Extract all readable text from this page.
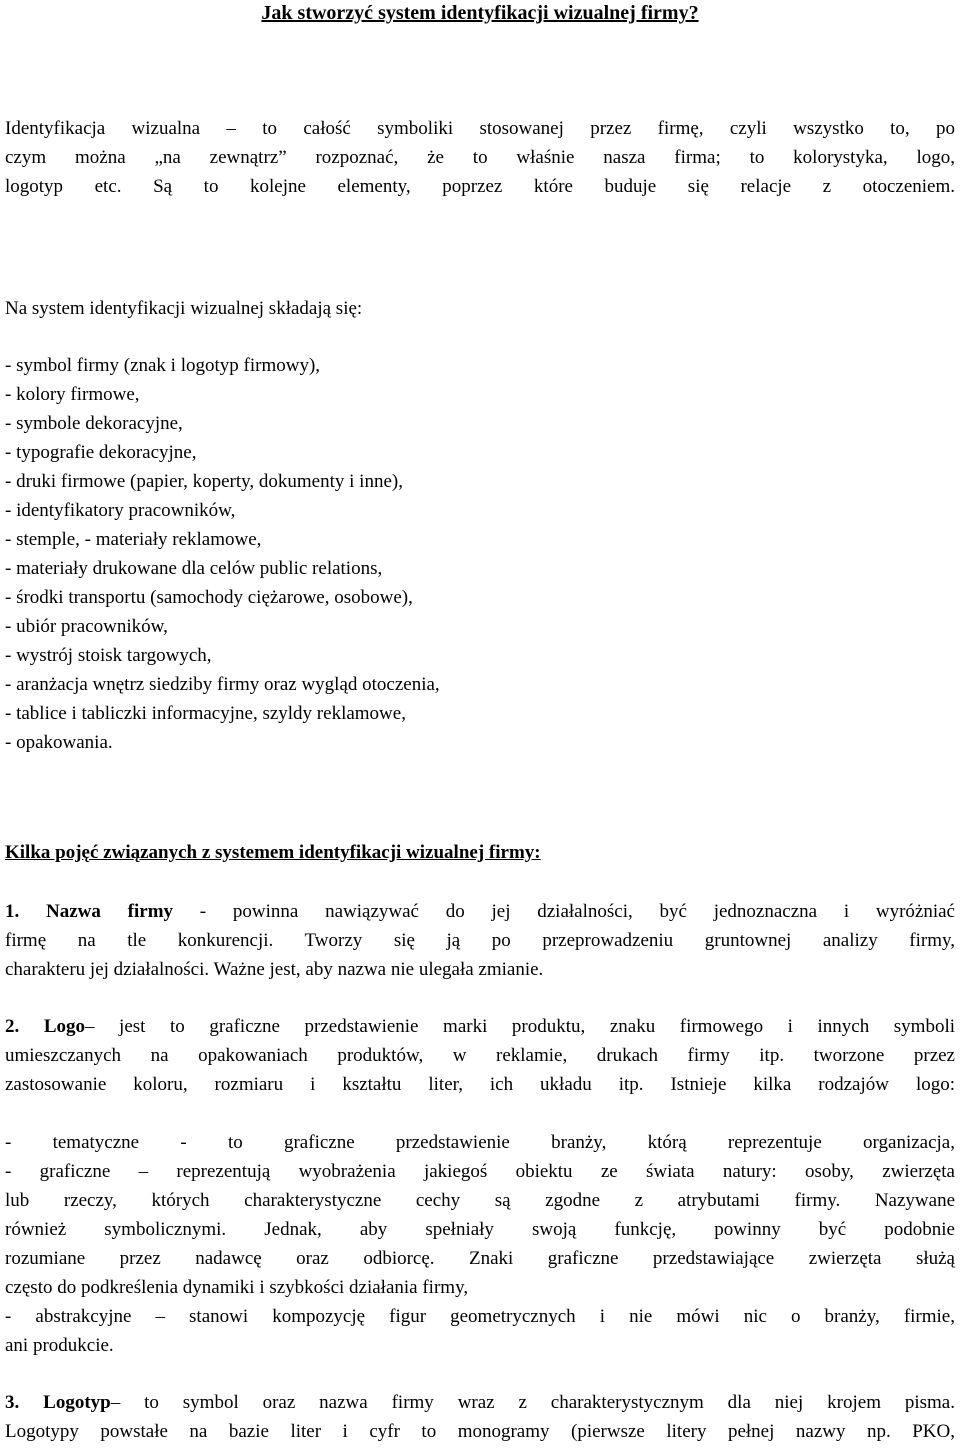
Jak stworzyć system identyfikacji wizualnej firmy?
Identyfikacja wizualna – to całość symboliki stosowanej przez firmę, czyli wszystko to, po
czym można „na zewnątrz” rozpoznać, że to właśnie nasza firma; to kolorystyka, logo,
logotyp etc. Są to kolejne elementy, poprzez które buduje się relacje z otoczeniem.
Na system identyfikacji wizualnej składają się:
- symbol firmy (znak i logotyp firmowy),
- kolory firmowe,
- symbole dekoracyjne,
- typografie dekoracyjne,
- druki firmowe (papier, koperty, dokumenty i inne),
- identyfikatory pracowników,
- stemple, - materiały reklamowe,
- materiały drukowane dla celów public relations,
- środki transportu (samochody ciężarowe, osobowe),
- ubiór pracowników,
- wystrój stoisk targowych,
- aranżacja wnętrz siedziby firmy oraz wygląd otoczenia,
- tablice i tabliczki informacyjne, szyldy reklamowe,
- opakowania.
Kilka pojęć związanych z systemem identyfikacji wizualnej firmy:
1. Nazwa firmy - powinna nawiązywać do jej działalności, być jednoznaczna i wyróżniać
firmę na tle konkurencji. Tworzy się ją po przeprowadzeniu gruntownej analizy firmy,
charakteru jej działalności. Ważne jest, aby nazwa nie ulegała zmianie.
2. Logo– jest to graficzne przedstawienie marki produktu, znaku firmowego i innych symboli
umieszczanych na opakowaniach produktów, w reklamie, drukach firmy itp. tworzone przez
zastosowanie koloru, rozmiaru i kształtu liter, ich układu itp. Istnieje kilka rodzajów logo:
- tematyczne - to graficzne przedstawienie branży, którą reprezentuje organizacja,
- graficzne – reprezentują wyobrażenia jakiegoś obiektu ze świata natury: osoby, zwierzęta
lub rzeczy, których charakterystyczne cechy są zgodne z atrybutami firmy. Nazywane
również symbolicznymi. Jednak, aby spełniały swoją funkcję, powinny być podobnie
rozumiane przez nadawcę oraz odbiorcę. Znaki graficzne przedstawiające zwierzęta służą
często do podkreślenia dynamiki i szybkości działania firmy,
- abstrakcyjne – stanowi kompozycję figur geometrycznych i nie mówi nic o branży, firmie,
ani produkcie.
3. Logotyp– to symbol oraz nazwa firmy wraz z charakterystycznym dla niej krojem pisma.
Logotypy powstałe na bazie liter i cyfr to monogramy (pierwsze litery pełnej nazwy np. PKO,
